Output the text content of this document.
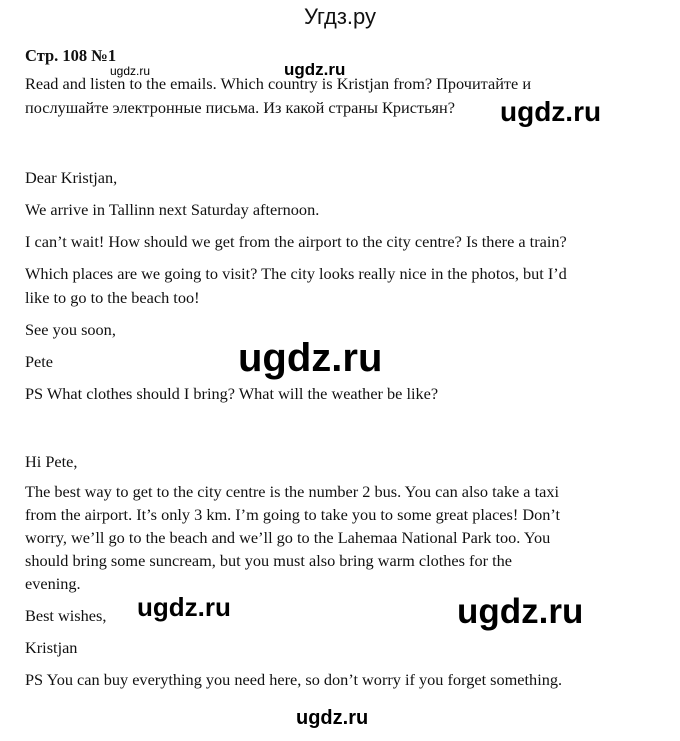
Угдз.ру
Стр. 108 №1

Read and listen to the emails. Which country is Kristjan from? Прочитайте и

послушайте электронные письма. Из какой страны Кристьян?

Dear Kristjan,

We arrive in Tallinn next Saturday afternoon.

I can’t wait! How should we get from the airport to the city centre? Is there a train?

Which places are we going to visit? The city looks really nice in the photos, but I’d

like to go to the beach too!

See you soon,

Pete

PS What clothes should I bring? What will the weather be like?

Hi Pete,

The best way to get to the city centre is the number 2 bus. You can also take a taxi

from the airport. It’s only 3 km. I’m going to take you to some great places! Don’t

worry, we’ll go to the beach and we’ll go to the Lahemaa National Park too. You

should bring some suncream, but you must also bring warm clothes for the

evening.

Best wishes,

Kristjan

PS You can buy everything you need here, so don’t worry if you forget something.

ugdz.ru	ugdz.ru
ugdz.ru
ugdz.ru
ugdz.ru	ugdz.ru
ugdz.ru
